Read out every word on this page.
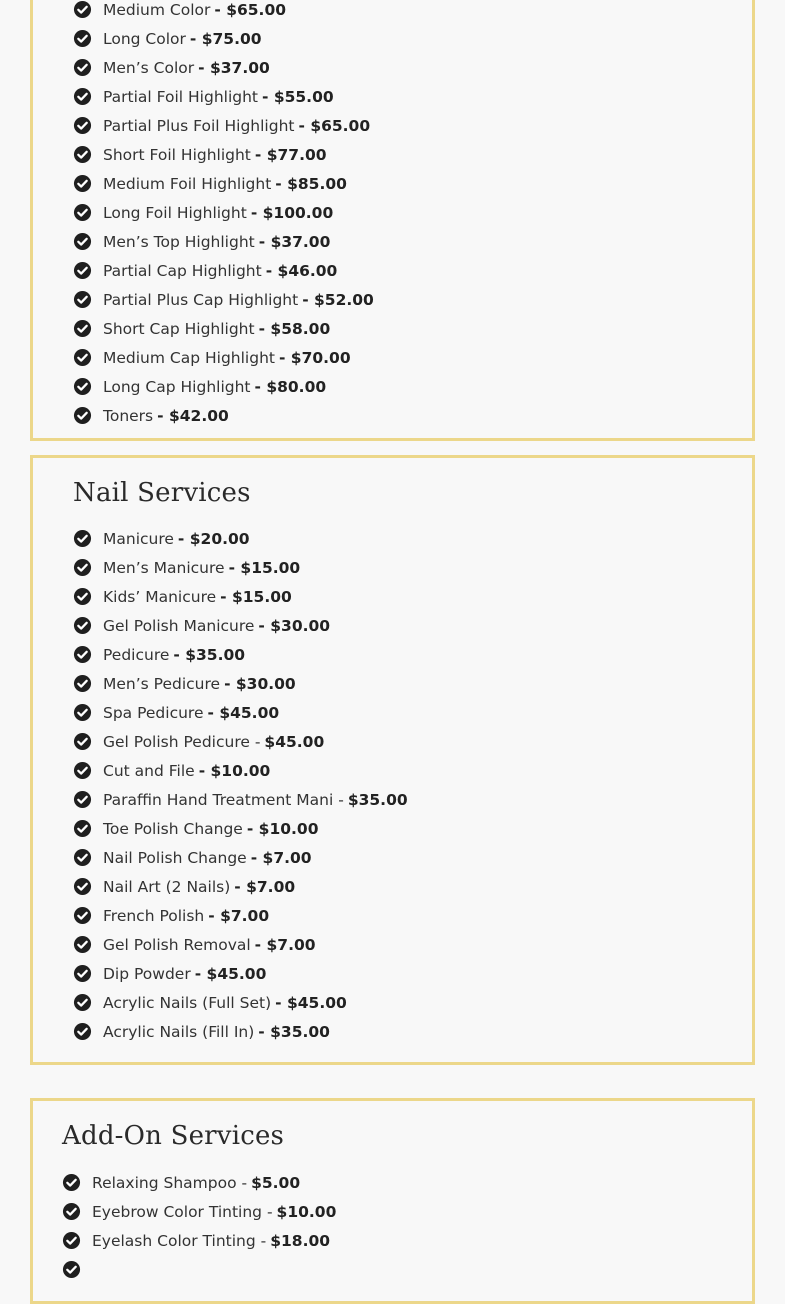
Medium Color - $65.00
Long Color - $75.00
Men’s Color - $37.00
Partial Foil Highlight - $55.00
Partial Plus Foil Highlight - $65.00
Short Foil Highlight - $77.00
Medium Foil Highlight - $85.00
Long Foil Highlight - $100.00
Men’s Top Highlight - $37.00
Partial Cap Highlight - $46.00
Partial Plus Cap Highlight - $52.00
Short Cap Highlight - $58.00
Medium Cap Highlight - $70.00
Long Cap Highlight - $80.00
Toners - $42.00
Nail Services
Manicure - $20.00
Men’s Manicure - $15.00
Kids’ Manicure - $15.00
Gel Polish Manicure - $30.00
Pedicure - $35.00
Men’s Pedicure - $30.00
Spa Pedicure - $45.00
Gel Polish Pedicure - $45.00
Cut and File - $10.00
Paraffin Hand Treatment Mani - $35.00
Toe Polish Change - $10.00
Nail Polish Change - $7.00
Nail Art (2 Nails) - $7.00
French Polish - $7.00
Gel Polish Removal - $7.00
Dip Powder - $45.00
Acrylic Nails (Full Set) - $45.00
Acrylic Nails (Fill In) - $35.00
Add-On Services
Relaxing Shampoo - $5.00
Eyebrow Color Tinting - $10.00
Eyelash Color Tinting - $18.00
